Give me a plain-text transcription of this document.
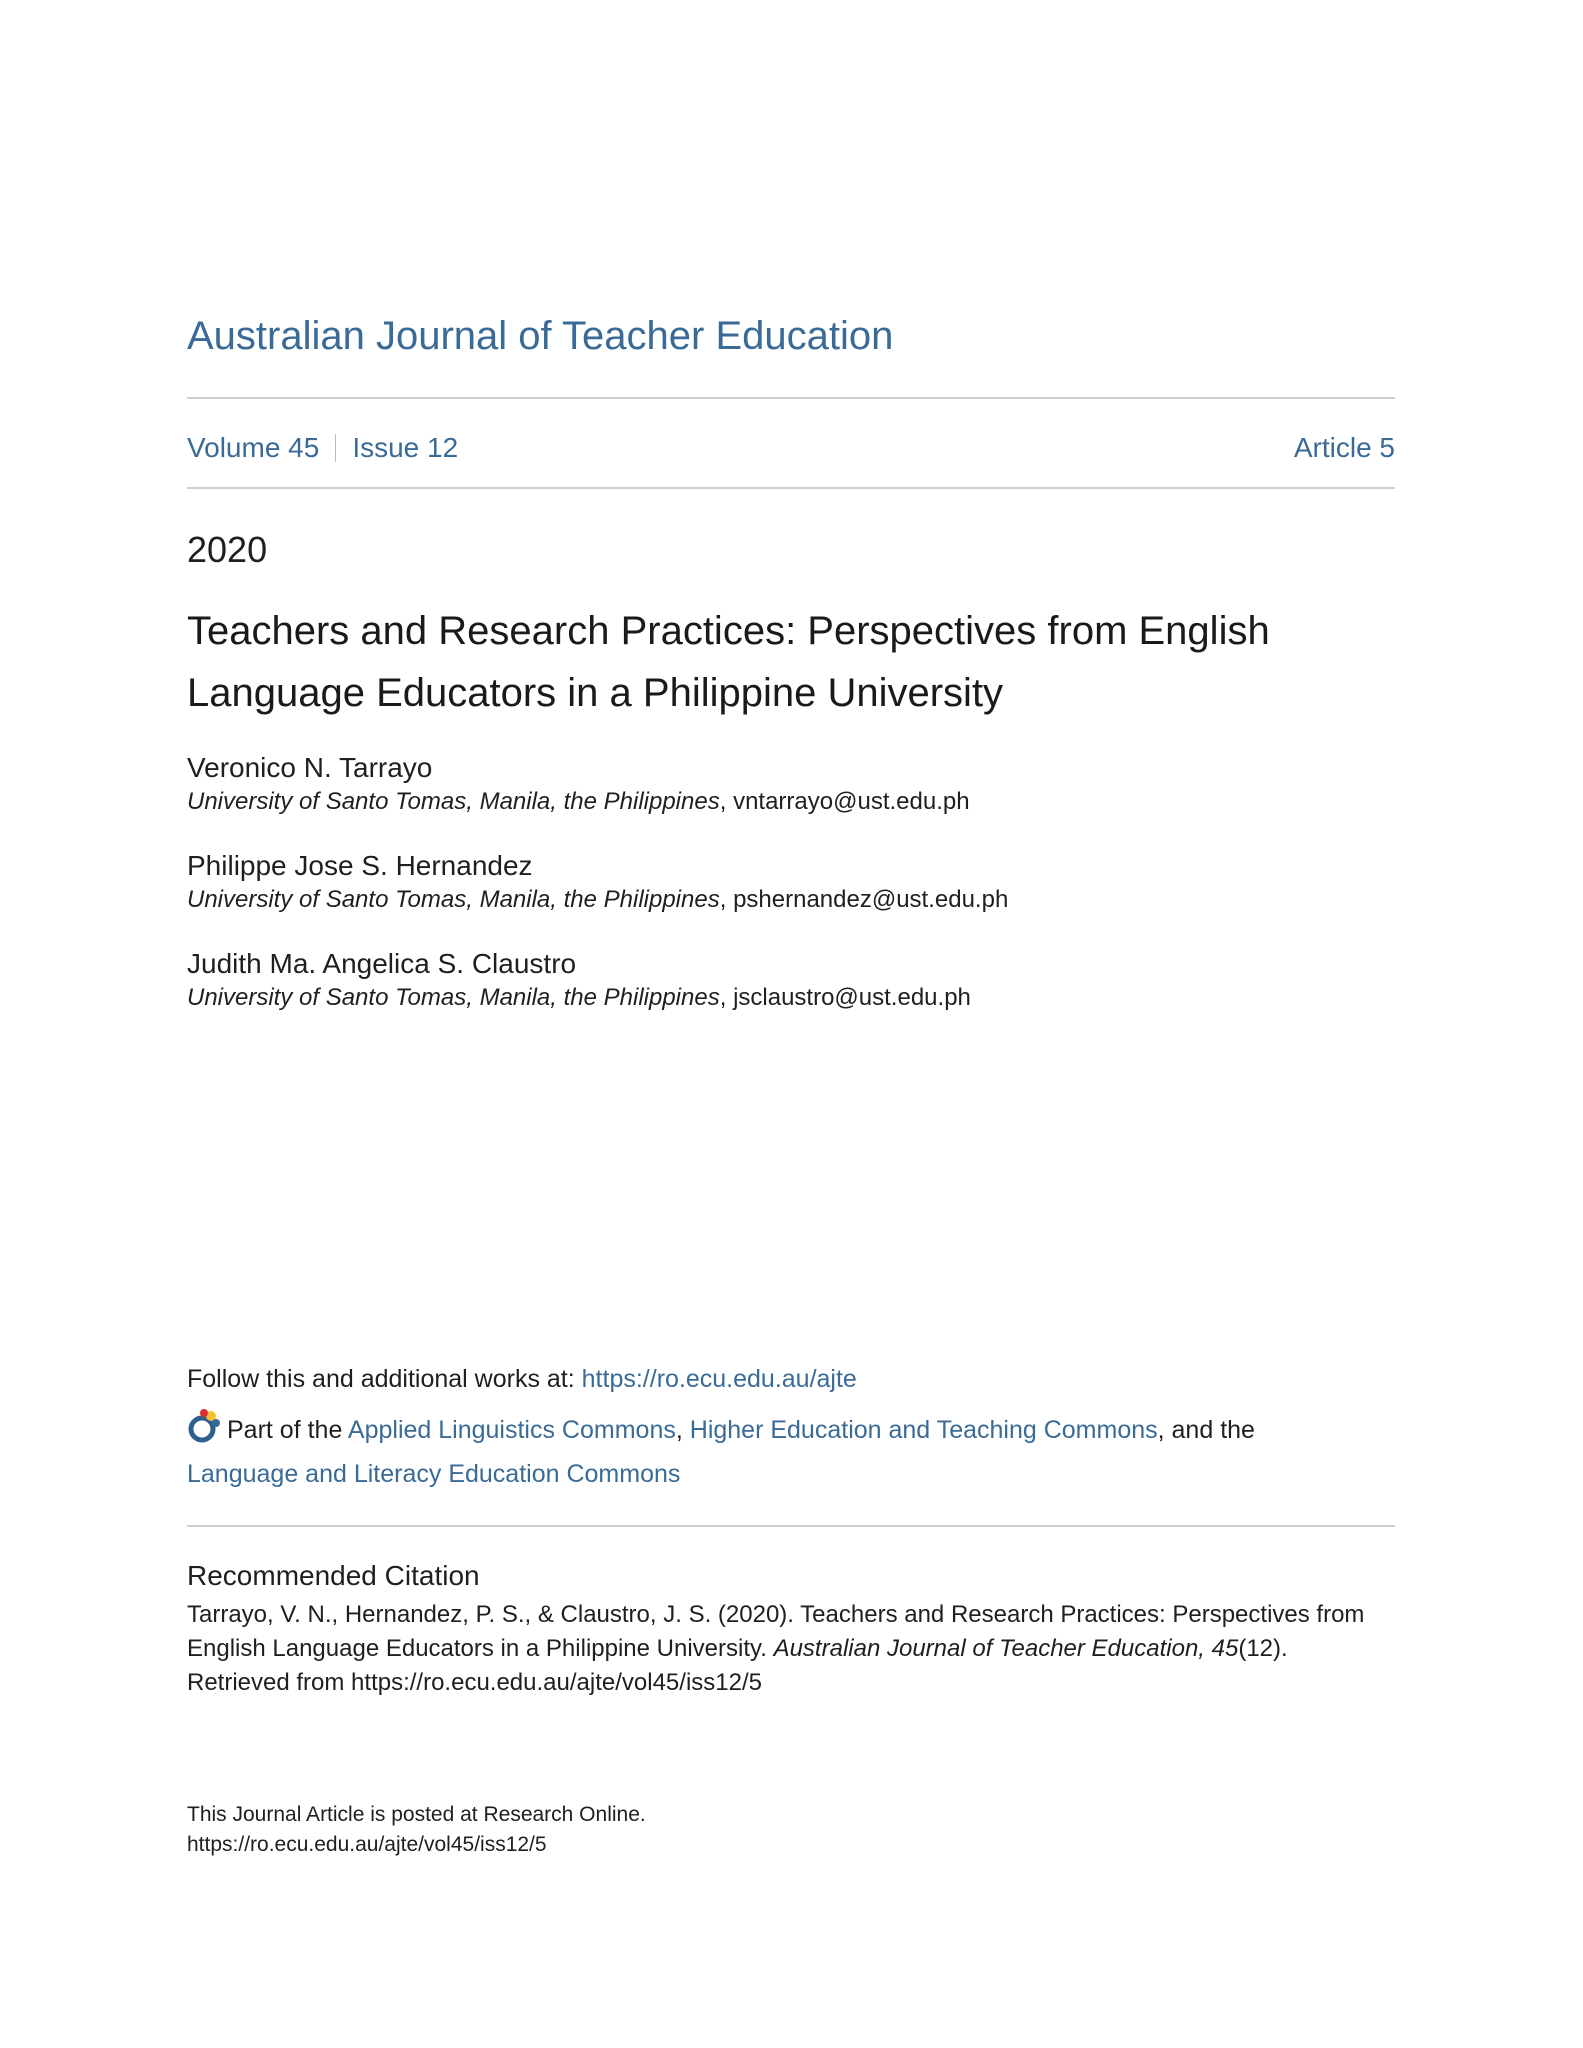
Australian Journal of Teacher Education
Volume 45 Issue 12	Article 5
2020
Teachers and Research Practices: Perspectives from English Language Educators in a Philippine University
Veronico N. Tarrayo
University of Santo Tomas, Manila, the Philippines, vntarrayo@ust.edu.ph
Philippe Jose S. Hernandez
University of Santo Tomas, Manila, the Philippines, pshernandez@ust.edu.ph
Judith Ma. Angelica S. Claustro
University of Santo Tomas, Manila, the Philippines, jsclaustro@ust.edu.ph
Follow this and additional works at: https://ro.ecu.edu.au/ajte
Part of the Applied Linguistics Commons, Higher Education and Teaching Commons, and the
Language and Literacy Education Commons
Recommended Citation
Tarrayo, V. N., Hernandez, P. S., & Claustro, J. S. (2020). Teachers and Research Practices: Perspectives from English Language Educators in a Philippine University. Australian Journal of Teacher Education, 45(12).
Retrieved from https://ro.ecu.edu.au/ajte/vol45/iss12/5
This Journal Article is posted at Research Online.
https://ro.ecu.edu.au/ajte/vol45/iss12/5
